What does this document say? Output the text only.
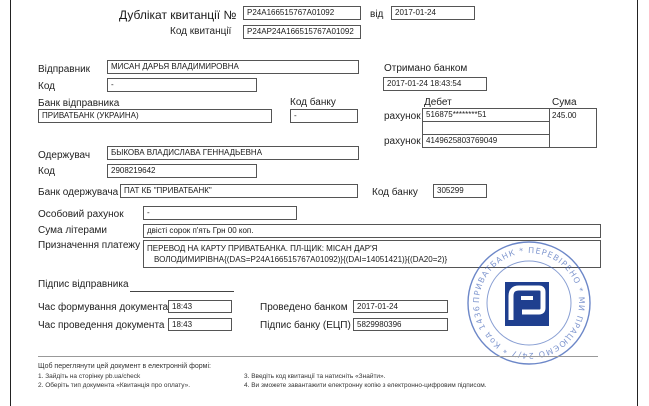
Дублікат квитанції №	P24A166515767A01092	від	2017-01-24
Код квитанції	P24AP24A166515767A01092
Відправник	МИСАН ДАРЬЯ ВЛАДИМИРОВНА	Отримано банком
Код	-	2017-01-24 18:43:54
Банк відправника	Код банку
ПРИВАТБАНК (УКРАИНА)	-
Дебет	Сума
рахунок 516875********51	245.00
рахунок 4149625803769049
Одержувач	БЫКОВА ВЛАДИСЛАВА ГЕННАДЬЕВНА
Код	2908219642
Банк одержувача ПАТ КБ "ПРИВАТБАНК"	Код банку	305299
Особовий рахунок	-
Сума літерами	двісті сорок п'ять Грн 00 коп.
Призначення платежу ПЕРЕВОД НА КАРТУ ПРИВАТБАНКА. ПЛ-ЩИК: МІСАН ДАР'Я
ВОЛОДИМИРІВНА{(DAS=P24A166515767A01092)}{(DAI=14051421)}{(DA20=2)}
Підпис відправника
Час формування документа 18:43	Проведено банком	2017-01-24
Час проведення документа 18:43	Підпис банку (ЕЦП) 5829980396
ПРИВАТБАНК * ПЕРЕВІРЕНО * МИ ПРАЦЮЄМО 24/7 * Код 1436
Щоб переглянути цей документ в електронній формі:
1. Зайдіть на сторінку pb.ua/check
2. Оберіть тип документа «Квитанція про оплату».
3. Введіть код квитанції та натисніть «Знайти».
4. Ви зможете завантажити електронну копію з електронно-цифровим підписом.
